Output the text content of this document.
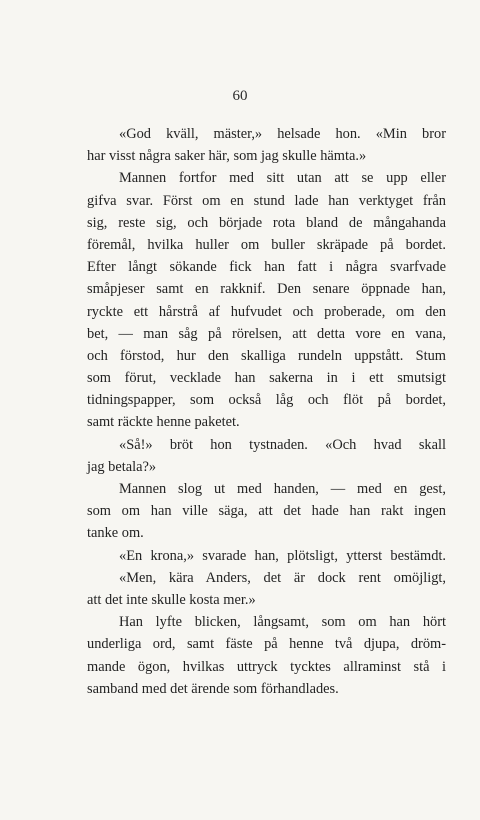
60
«God kväll, mäster,» helsade hon. «Min bror
har visst några saker här, som jag skulle hämta.»
Mannen fortfor med sitt utan att se upp eller
gifva svar. Först om en stund lade han verktyget från
sig, reste sig, och började rota bland de mångahanda
föremål, hvilka huller om buller skräpade på bordet.
Efter långt sökande fick han fatt i några svarfvade
småpjeser samt en rakknif. Den senare öppnade han,
ryckte ett hårstrå af hufvudet och proberade, om den
bet, — man såg på rörelsen, att detta vore en vana,
och förstod, hur den skalliga rundeln uppstått. Stum
som förut, vecklade han sakerna in i ett smutsigt
tidningspapper, som också låg och flöt på bordet,
samt räckte henne paketet.
«Så!» bröt hon tystnaden. «Och hvad skall
jag betala?»
Mannen slog ut med handen, — med en gest,
som om han ville säga, att det hade han rakt ingen
tanke om.
«En krona,» svarade han, plötsligt, ytterst bestämdt.
«Men, kära Anders, det är dock rent omöjligt,
att det inte skulle kosta mer.»
Han lyfte blicken, långsamt, som om han hört
underliga ord, samt fäste på henne två djupa, dröm-
mande ögon, hvilkas uttryck tycktes allraminst stå i
samband med det ärende som förhandlades.
